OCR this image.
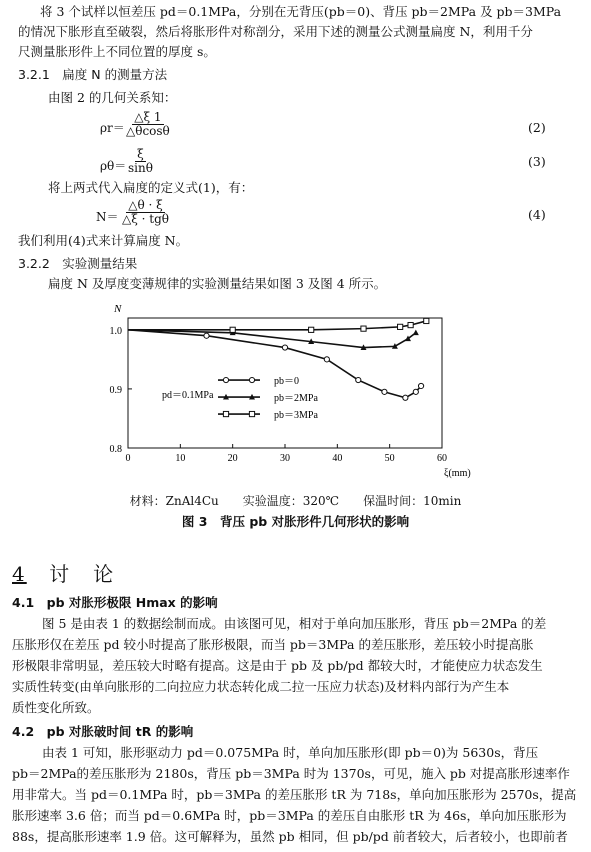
将 3 个试样以恒差压 pd＝0.1MPa，分别在无背压(pb＝0)、背压 pb＝2MPa 及 pb＝3MPa
的情况下胀形直至破裂，然后将胀形件对称剖分，采用下述的测量公式测量扁度 N，利用千分
尺测量胀形件上不同位置的厚度 s。
3.2.1　扁度 N 的测量方法
由图 2 的几何关系知：
$\rho r= \frac{\triangle\xi 1}{\triangle\theta\cos\theta}$	(2)
$\rho\theta= \frac{\xi}{\sin\theta}$	(3)
将上两式代入扁度的定义式(1)，有：
N＝
△θ · ξ
△ξ · tgθ	(4)
我们利用(4)式来计算扁度 N。
3.2.2　实验测量结果
扁度 N 及厚度变薄规律的实验测量结果如图 3 及图 4 所示。
0	10	20	30	40	50	60
0.8
0.9
1.0
N
ξ(mm)
pd＝0.1MPa
pb＝0
pb＝2MPa
pb＝3MPa
材料：ZnAl4Cu　　实验温度：320℃　　保温时间：10min
图 3　背压 pb 对胀形件几何形状的影响
4 讨　论
4.1　pb 对胀形极限 Hmax 的影响
图 5 是由表 1 的数据绘制而成。由该图可见，相对于单向加压胀形，背压 pb＝2MPa 的差
压胀形仅在差压 pd 较小时提高了胀形极限，而当 pb＝3MPa 的差压胀形，差压较小时提高胀
形极限非常明显，差压较大时略有提高。这是由于 pb 及 pb/pd 都较大时，才能使应力状态发生
实质性转变(由单向胀形的二向拉应力状态转化成二拉一压应力状态)及材料内部行为产生本
质性变化所致。
4.2　pb 对胀破时间 tR 的影响
由表 1 可知，胀形驱动力 pd＝0.075MPa 时，单向加压胀形(即 pb＝0)为 5630s，背压
pb＝2MPa的差压胀形为 2180s，背压 pb＝3MPa 时为 1370s，可见，施入 pb 对提高胀形速率作
用非常大。当 pd＝0.1MPa 时，pb＝3MPa 的差压胀形 tR 为 718s，单向加压胀形为 2570s，提高
胀形速率 3.6 倍；而当 pd＝0.6MPa 时，pb＝3MPa 的差压自由胀形 tR 为 46s，单向加压胀形为
88s，提高胀形速率 1.9 倍。这可解释为，虽然 pb 相同，但 pb/pd 前者较大，后者较小，也即前者
